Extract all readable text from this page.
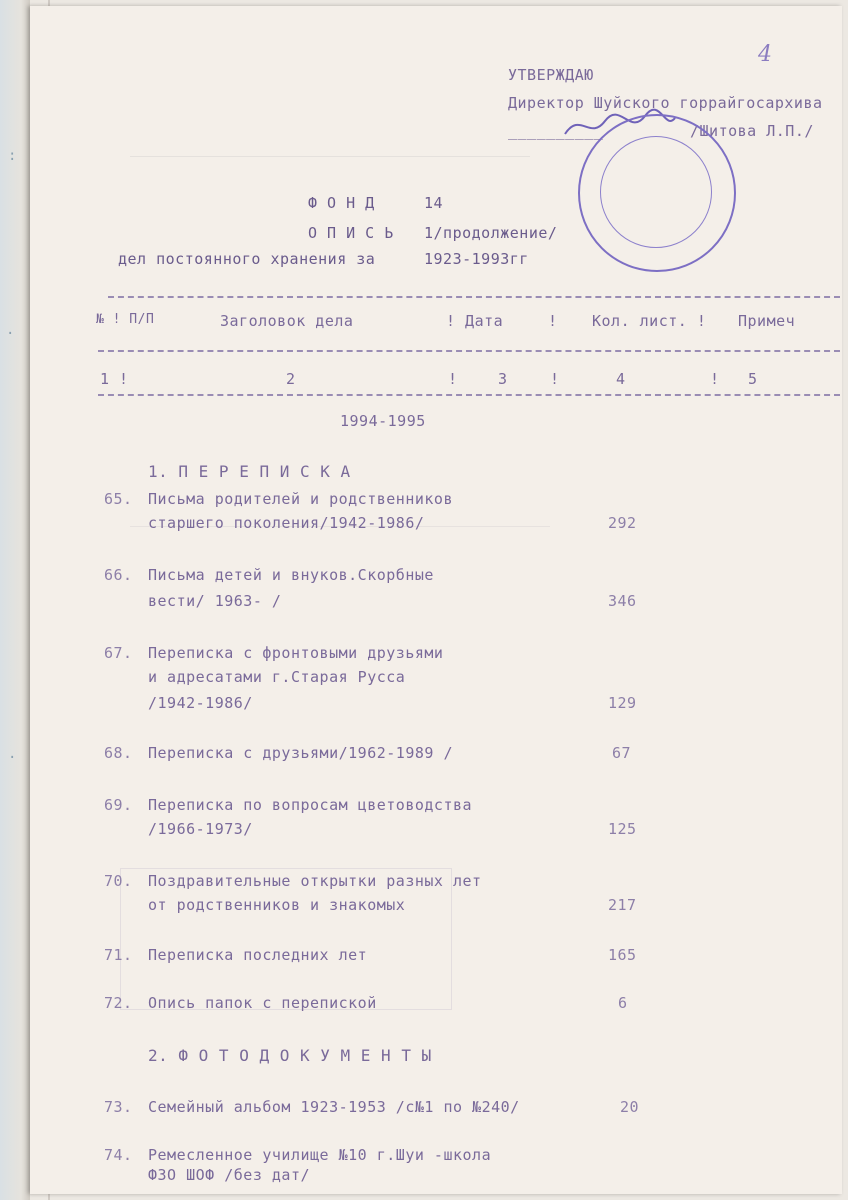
:
.
.
4
УТВЕРЖДАЮ
Директор Шуйского горрайгосархива
__________	/Шитова Л.П./
Ф О Н Д	14
О П И С Ь 1/продолжение/
дел постоянного хранения за	1923-1993гг
№ ! П/П	Заголовок дела	! Дата	! Кол. лист. ! Примеч
1 !	2	!	3	!	4	! 5
1994-1995
1. П Е Р Е П И С К А
65. Письма родителей и родственников
старшего поколения/1942-1986/	292
66. Письма детей и внуков.Скорбные
вести/ 1963- /	346
67. Переписка с фронтовыми друзьями
и адресатами г.Старая Русса
/1942-1986/	129
68. Переписка с друзьями/1962-1989 /	67
69. Переписка по вопросам цветоводства
/1966-1973/	125
70. Поздравительные открытки разных лет
от родственников и знакомых	217
71. Переписка последних лет	165
72. Опись папок с перепиской	6
2. Ф О Т О Д О К У М Е Н Т Ы
73. Семейный альбом 1923-1953 /с№1 по №240/	20
74. Ремесленное училище №10 г.Шуи -школа
ФЗО ШОФ /без дат/
